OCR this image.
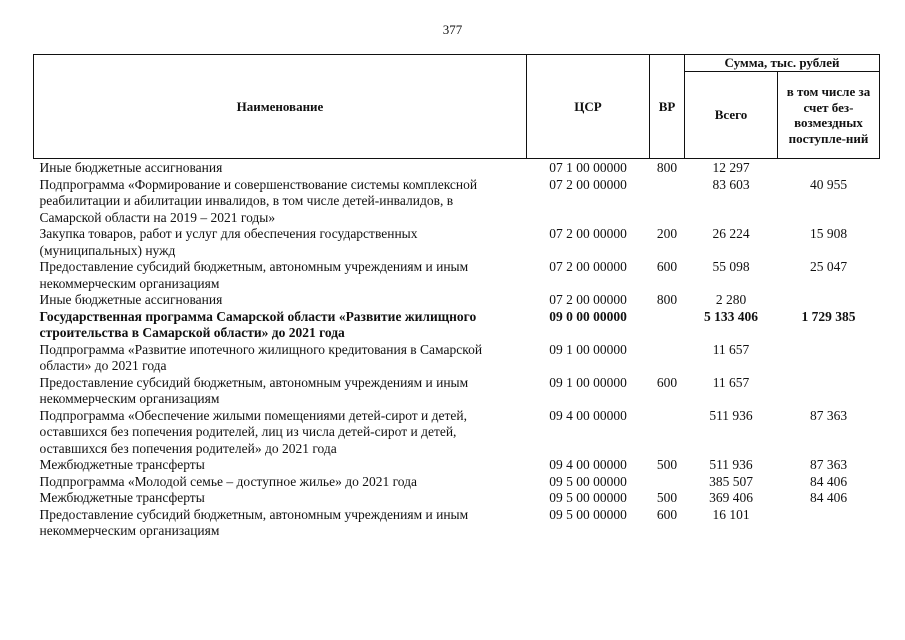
377
Наименование	ЦСР	ВР	Сумма, тыс. рублей	
			Всего	в том числе за счет без-возмездных поступле-ний
Иные бюджетные ассигнования	07 1 00 00000	800	12 297	
Подпрограмма «Формирование и совершенствование системы комплексной реабилитации и абилитации инвалидов, в том числе детей-инвалидов, в Самарской области на 2019 – 2021 годы»	07 2 00 00000		83 603	40 955
Закупка товаров, работ и услуг для обеспечения государственных (муниципальных) нужд	07 2 00 00000	200	26 224	15 908
Предоставление субсидий бюджетным, автономным учреждениям и иным некоммерческим организациям	07 2 00 00000	600	55 098	25 047
Иные бюджетные ассигнования	07 2 00 00000	800	2 280	
Государственная программа Самарской области «Развитие жилищного строительства в Самарской области» до 2021 года	09 0 00 00000		5 133 406	1 729 385
Подпрограмма «Развитие ипотечного жилищного кредитования в Самарской области» до 2021 года	09 1 00 00000		11 657	
Предоставление субсидий бюджетным, автономным учреждениям и иным некоммерческим организациям	09 1 00 00000	600	11 657	
Подпрограмма «Обеспечение жилыми помещениями детей-сирот и детей, оставшихся без попечения родителей, лиц из числа детей-сирот и детей, оставшихся без попечения родителей» до 2021 года	09 4 00 00000		511 936	87 363
Межбюджетные трансферты	09 4 00 00000	500	511 936	87 363
Подпрограмма «Молодой семье – доступное жилье» до 2021 года	09 5 00 00000		385 507	84 406
Межбюджетные трансферты	09 5 00 00000	500	369 406	84 406
Предоставление субсидий бюджетным, автономным учреждениям и иным некоммерческим организациям	09 5 00 00000	600	16 101	
